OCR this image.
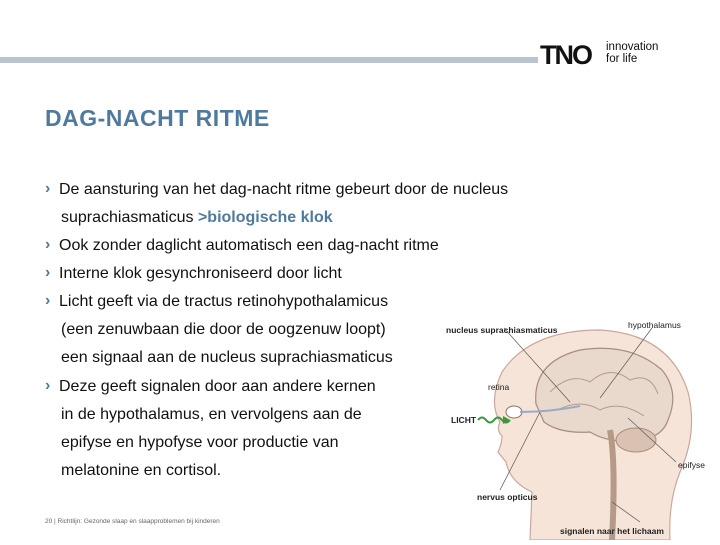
TNO innovation
for life
DAG-NACHT RITME
› De aansturing van het dag-nacht ritme gebeurt door de nucleus
suprachiasmaticus >biologische klok
› Ook zonder daglicht automatisch een dag-nacht ritme
› Interne klok gesynchroniseerd door licht
› Licht geeft via de tractus retinohypothalamicus
(een zenuwbaan die door de oogzenuw loopt)
een signaal aan de nucleus suprachiasmaticus
› Deze geeft signalen door aan andere kernen
in de hypothalamus, en vervolgens aan de
epifyse en hypofyse voor productie van
melatonine en cortisol.
20 | Richtlijn: Gezonde slaap en slaapproblemen bij kinderen
nucleus suprachiasmaticus	hypothalamus
retina
LICHT
epifyse
nervus opticus
signalen naar het lichaam
